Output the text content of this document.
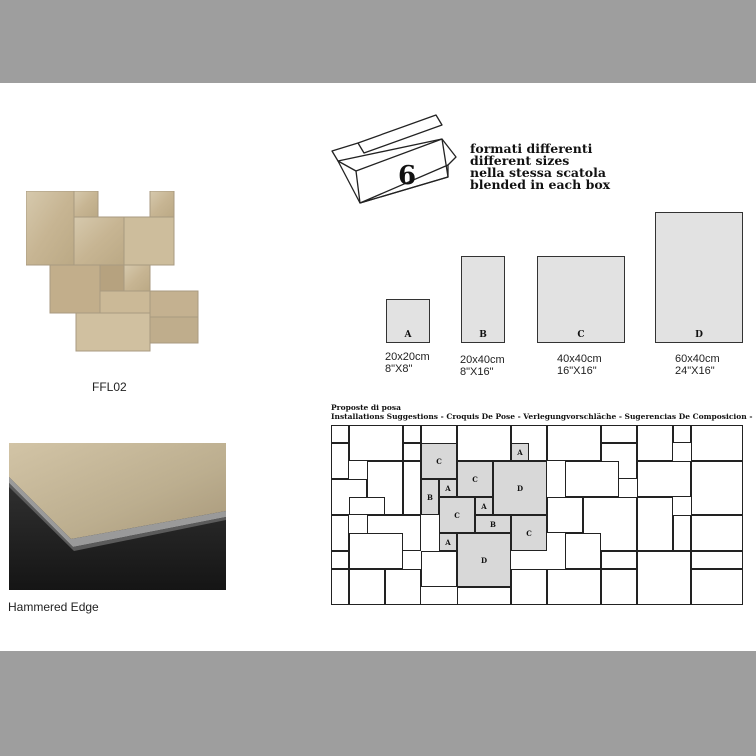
FFL02
Hammered Edge
6
formati differenti
different sizes
nella stessa scatola
blended in each box
A	B	C	D
20x20cm
8"X8"
20x40cm
8"X16"
40x40cm
16"X16"
60x40cm
24"X16"
Proposte di posa
Installations Suggestions - Croquis De Pose - Verlegungvorschläche - Sugerencias De Composicion -
C
A
C
D
B
A
C
A
B
C
A
D
